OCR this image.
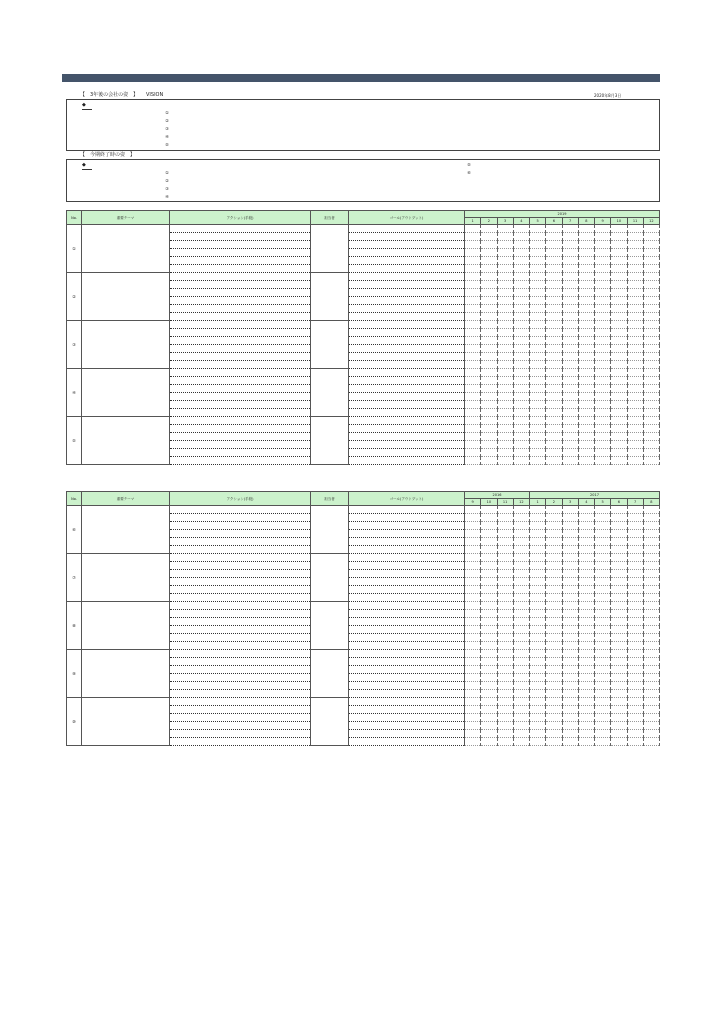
【　3年後の会社の姿　】 VISION	2020年8月3日
◆
①
②
③
④
⑤
【　今期終了時の姿　】
◆
①
②
③
④
⑤
⑥
No.	重要テーマ	アクション(手段)	担当者	ゴール(アウトプット)	2019											
					1	2	3	4	5	6	7	8	9	10	11	12
①																

②																

③																

④																

⑤																

No.	重要テーマ	アクション(手段)	担当者	ゴール(アウトプット)	2016				2017							
					9	10	11	12	1	2	3	4	5	6	7	8
⑥																

⑦																

⑧																

⑨																

⑩																
